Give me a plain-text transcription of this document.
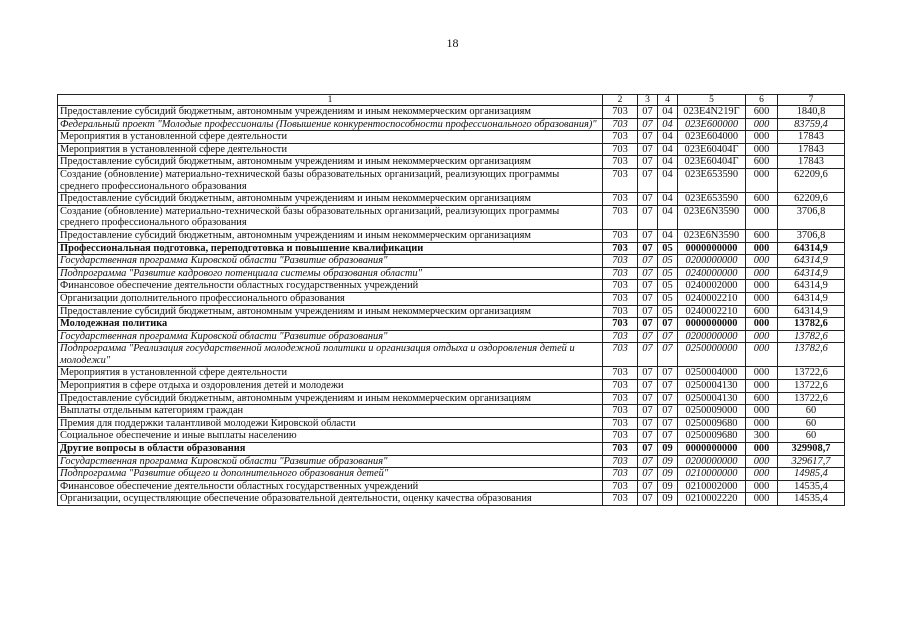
18
1	2	3	4	5	6	7
Предоставление субсидий бюджетным, автономным учреждениям и иным некоммерческим организациям	703	07	04	023E4N219Г	600	1840,8
Федеральный проект "Молодые профессионалы (Повышение конкурентоспособности профессионального образования)"	703	07	04	023E600000	000	83759,4
Мероприятия в установленной сфере деятельности	703	07	04	023E604000	000	17843
Мероприятия в установленной сфере деятельности	703	07	04	023E60404Г	000	17843
Предоставление субсидий бюджетным, автономным учреждениям и иным некоммерческим организациям	703	07	04	023E60404Г	600	17843
Создание (обновление) материально-технической базы образовательных организаций, реализующих программы среднего профессионального образования	703	07	04	023E653590	000	62209,6
Предоставление субсидий бюджетным, автономным учреждениям и иным некоммерческим организациям	703	07	04	023E653590	600	62209,6
Создание (обновление) материально-технической базы образовательных организаций, реализующих программы среднего профессионального образования	703	07	04	023E6N3590	000	3706,8
Предоставление субсидий бюджетным, автономным учреждениям и иным некоммерческим организациям	703	07	04	023E6N3590	600	3706,8
Профессиональная подготовка, переподготовка и повышение квалификации	703	07	05	0000000000	000	64314,9
Государственная программа Кировской области "Развитие образования"	703	07	05	0200000000	000	64314,9
Подпрограмма "Развитие кадрового потенциала системы образования области"	703	07	05	0240000000	000	64314,9
Финансовое обеспечение деятельности областных государственных учреждений	703	07	05	0240002000	000	64314,9
Организации дополнительного профессионального образования	703	07	05	0240002210	000	64314,9
Предоставление субсидий бюджетным, автономным учреждениям и иным некоммерческим организациям	703	07	05	0240002210	600	64314,9
Молодежная политика	703	07	07	0000000000	000	13782,6
Государственная программа Кировской области "Развитие образования"	703	07	07	0200000000	000	13782,6
Подпрограмма "Реализация государственной молодежной политики и организация отдыха и оздоровления детей и молодежи"	703	07	07	0250000000	000	13782,6
Мероприятия в установленной сфере деятельности	703	07	07	0250004000	000	13722,6
Мероприятия в сфере отдыха и оздоровления детей и молодежи	703	07	07	0250004130	000	13722,6
Предоставление субсидий бюджетным, автономным учреждениям и иным некоммерческим организациям	703	07	07	0250004130	600	13722,6
Выплаты отдельным категориям граждан	703	07	07	0250009000	000	60
Премия для поддержки талантливой молодежи Кировской области	703	07	07	0250009680	000	60
Социальное обеспечение и иные выплаты населению	703	07	07	0250009680	300	60
Другие вопросы в области образования	703	07	09	0000000000	000	329908,7
Государственная программа Кировской области "Развитие образования"	703	07	09	0200000000	000	329617,7
Подпрограмма "Развитие общего и дополнительного образования детей"	703	07	09	0210000000	000	14985,4
Финансовое обеспечение деятельности областных государственных учреждений	703	07	09	0210002000	000	14535,4
Организации, осуществляющие обеспечение образовательной деятельности, оценку качества образования	703	07	09	0210002220	000	14535,4
